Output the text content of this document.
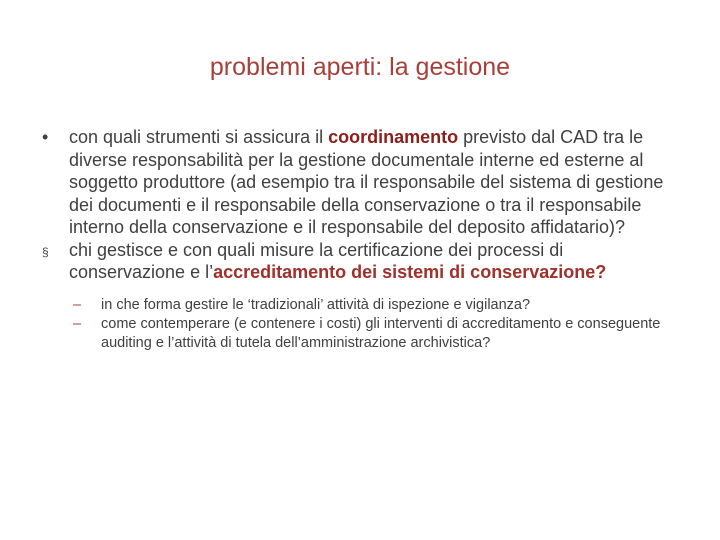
problemi aperti: la gestione
•	con quali strumenti si assicura il coordinamento previsto dal CAD tra le diverse responsabilità per la gestione documentale interne ed esterne al soggetto produttore (ad esempio tra il responsabile del sistema di gestione dei documenti e il responsabile della conservazione o tra il responsabile interno della conservazione e il responsabile del deposito affidatario)?
§	chi gestisce e con quali misure la certificazione dei processi di conservazione e l’accreditamento dei sistemi di conservazione?
– in che forma gestire le ‘tradizionali’ attività di ispezione e vigilanza?
– come contemperare (e contenere i costi) gli interventi di accreditamento e conseguente auditing e l’attività di tutela dell’amministrazione archivistica?
